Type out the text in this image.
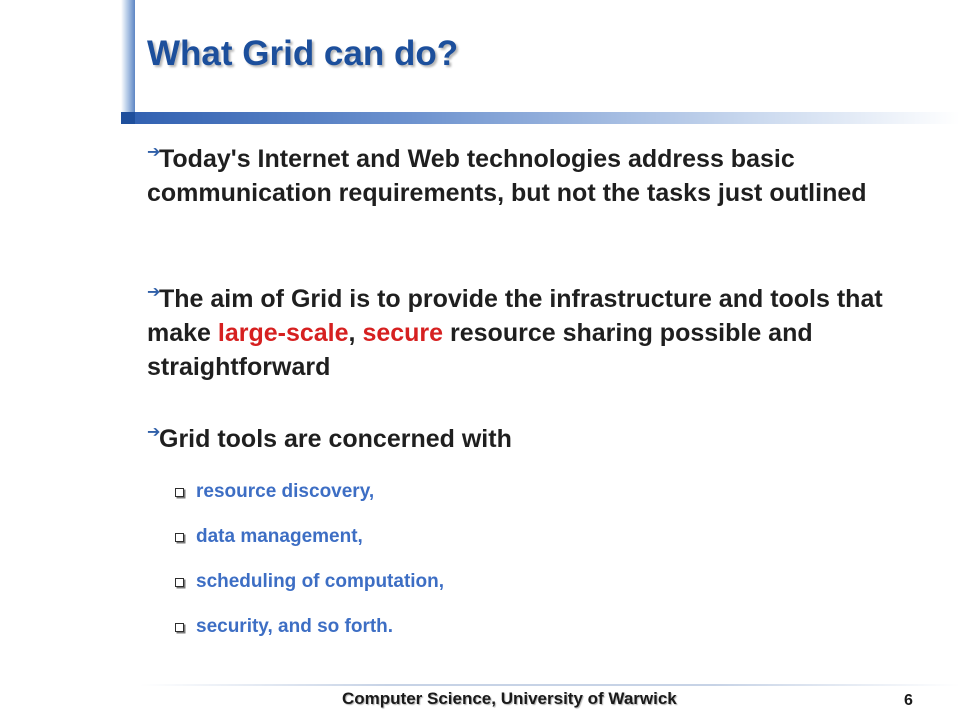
What Grid can do?
➔
Today's Internet and Web technologies address basic communication requirements, but not the tasks just outlined
➔
The aim of Grid is to provide the infrastructure and tools that make large-scale, secure resource sharing possible and straightforward
➔
Grid tools are concerned with
resource discovery,
data management,
scheduling of computation,
security, and so forth.
Computer Science, University of Warwick	6
